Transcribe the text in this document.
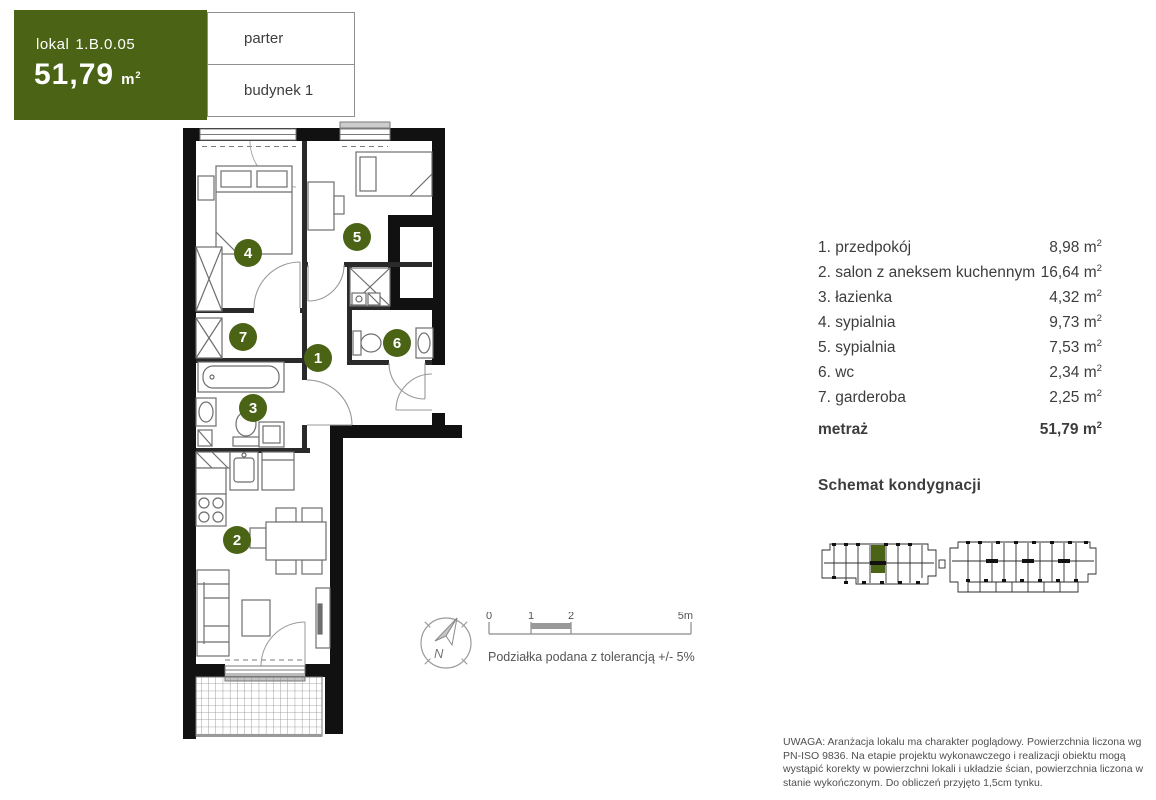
lokal 1.B.0.05
51,79 $m^2$
parter
budynek 1
1
2
3
4
5
6
7
1. przedpokój	8,98 $m^2$
2. salon z aneksem kuchennym 16,64 $m^2$
3. łazienka	4,32 $m^2$
4. sypialnia	9,73 $m^2$
5. sypialnia	7,53 $m^2$
6. wc	2,34 $m^2$
7. garderoba	2,25 $m^2$
metraż	51,79 $m^2$
Schemat kondygnacji
N
0	1	2	5m
Podziałka podana z tolerancją +/- 5%
UWAGA: Aranżacja lokalu ma charakter poglądowy. Powierzchnia liczona wg PN-ISO 9836. Na etapie projektu wykonawczego i realizacji obiektu mogą wystąpić korekty w powierzchni lokali i układzie ścian, powierzchnia liczona w stanie wykończonym. Do obliczeń przyjęto 1,5cm tynku.
